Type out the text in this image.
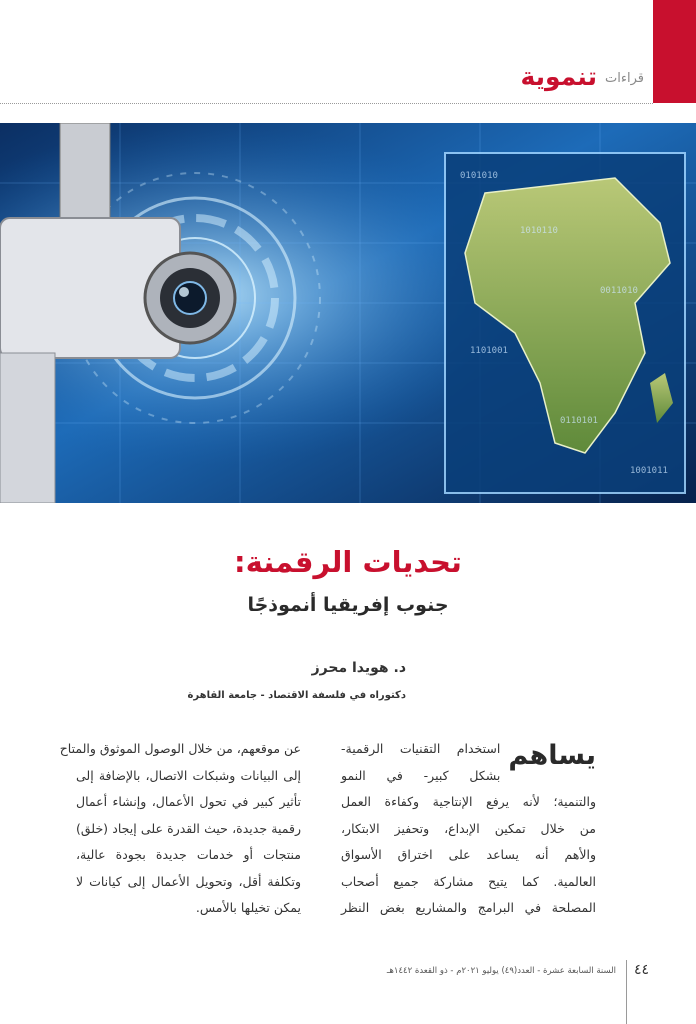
قراءات
تنموية
0101010
1010110
0011010
1101001
0110101
1001011
تحديات الرقمنة:
جنوب إفريقيا أنموذجًا
د. هويدا محرز
دكتوراه في فلسفة الاقتصاد - جامعة القاهرة
يساهم
استخدام التقنيات الرقمية-
بشكل كبير- في النمو
والتنمية؛ لأنه يرفع الإنتاجية وكفاءة العمل
من خلال تمكين الإبداع، وتحفيز الابتكار،
والأهم أنه يساعد على اختراق الأسواق
العالمية. كما يتيح مشاركة جميع أصحاب
المصلحة في البرامج والمشاريع بغض النظر
عن موقعهم، من خلال الوصول الموثوق والمتاح
إلى البيانات وشبكات الاتصال، بالإضافة إلى
تأثير كبير في تحول الأعمال، وإنشاء أعمال
رقمية جديدة، حيث القدرة على إيجاد (خلق)
منتجات أو خدمات جديدة بجودة عالية،
وتكلفة أقل، وتحويل الأعمال إلى كيانات لا
يمكن تخيلها بالأمس.
٤٤
السنة السابعة عشرة - العدد(٤٩) يوليو ٢٠٢١م - ذو القعدة ١٤٤٢هـ
